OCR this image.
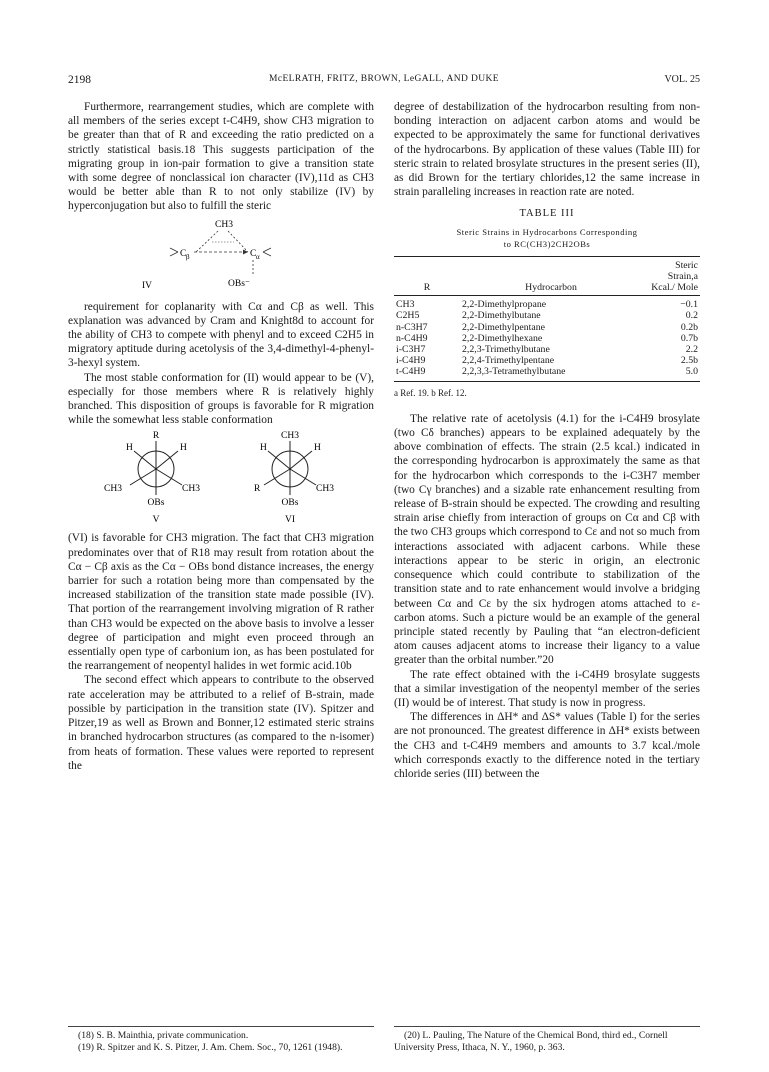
2198	McELRATH, FRITZ, BROWN, LeGALL, AND DUKE	VOL. 25

Furthermore, rearrangement studies, which are complete with all members of the series except t-C4H9, show CH3 migration to be greater than that of R and exceeding the ratio predicted on a strictly statistical basis.18 This suggests participation of the migrating group in ion-pair formation to give a transition state with some degree of nonclassical ion character (IV),11d as CH3 would be better able than R to not only stabilize (IV) by hyperconjugation but also to fulfill the steric

CH3
C β	C α
OBs⁻
IV

requirement for coplanarity with Cα and Cβ as well. This explanation was advanced by Cram and Knight8d to account for the ability of CH3 to compete with phenyl and to exceed C2H5 in migratory aptitude during acetolysis of the 3,4-dimethyl-4-phenyl-3-hexyl system.

The most stable conformation for (II) would appear to be (V), especially for those members where R is relatively highly branched. This disposition of groups is favorable for R migration while the somewhat less stable conformation

R
H	H
CH3	CH3
OBs
V
CH3
H	H
R	CH3
OBs
VI

(VI) is favorable for CH3 migration. The fact that CH3 migration predominates over that of R18 may result from rotation about the Cα − Cβ axis as the Cα − OBs bond distance increases, the energy barrier for such a rotation being more than compensated by the increased stabilization of the transition state made possible (IV). That portion of the rearrangement involving migration of R rather than CH3 would be expected on the above basis to involve a lesser degree of participation and might even proceed through an essentially open type of carbonium ion, as has been postulated for the rearrangement of neopentyl halides in wet formic acid.10b

The second effect which appears to contribute to the observed rate acceleration may be attributed to a relief of B-strain, made possible by participation in the transition state (IV). Spitzer and Pitzer,19 as well as Brown and Bonner,12 estimated steric strains in branched hydrocarbon structures (as compared to the n-isomer) from heats of formation. These values were reported to represent the

(18) S. B. Mainthia, private communication.
(19) R. Spitzer and K. S. Pitzer, J. Am. Chem. Soc., 70, 1261 (1948).

degree of destabilization of the hydrocarbon resulting from non-bonding interaction on adjacent carbon atoms and would be expected to be approximately the same for functional derivatives of the hydrocarbons. By application of these values (Table III) for steric strain to related brosylate structures in the present series (II), as did Brown for the tertiary chlorides,12 the same increase in strain paralleling increases in reaction rate are noted.

TABLE III
Steric Strains in Hydrocarbons Corresponding
to RC(CH3)2CH2OBs
R	Hydrocarbon	Steric Strain,a Kcal./ Mole
CH3	2,2-Dimethylpropane	−0.1
C2H5	2,2-Dimethylbutane	0.2
n-C3H7	2,2-Dimethylpentane	0.2b
n-C4H9	2,2-Dimethylhexane	0.7b
i-C3H7	2,2,3-Trimethylbutane	2.2
i-C4H9	2,2,4-Trimethylpentane	2.5b
t-C4H9	2,2,3,3-Tetramethylbutane	5.0
a Ref. 19. b Ref. 12.

The relative rate of acetolysis (4.1) for the i-C4H9 brosylate (two Cδ branches) appears to be explained adequately by the above combination of effects. The strain (2.5 kcal.) indicated in the corresponding hydrocarbon is approximately the same as that for the hydrocarbon which corresponds to the i-C3H7 member (two Cγ branches) and a sizable rate enhancement resulting from release of B-strain should be expected. The crowding and resulting strain arise chiefly from interaction of groups on Cα and Cβ with the two CH3 groups which correspond to Cε and not so much from interactions associated with adjacent carbons. While these interactions appear to be steric in origin, an electronic consequence which could contribute to stabilization of the transition state and to rate enhancement would involve a bridging between Cα and Cε by the six hydrogen atoms attached to ε-carbon atoms. Such a picture would be an example of the general principle stated recently by Pauling that “an electron-deficient atom causes adjacent atoms to increase their ligancy to a value greater than the orbital number.”20

The rate effect obtained with the i-C4H9 brosylate suggests that a similar investigation of the neopentyl member of the series (II) would be of interest. That study is now in progress.

The differences in ΔH* and ΔS* values (Table I) for the series are not pronounced. The greatest difference in ΔH* exists between the CH3 and t-C4H9 members and amounts to 3.7 kcal./mole which corresponds exactly to the difference noted in the tertiary chloride series (III) between the

(20) L. Pauling, The Nature of the Chemical Bond, third ed., Cornell University Press, Ithaca, N. Y., 1960, p. 363.
